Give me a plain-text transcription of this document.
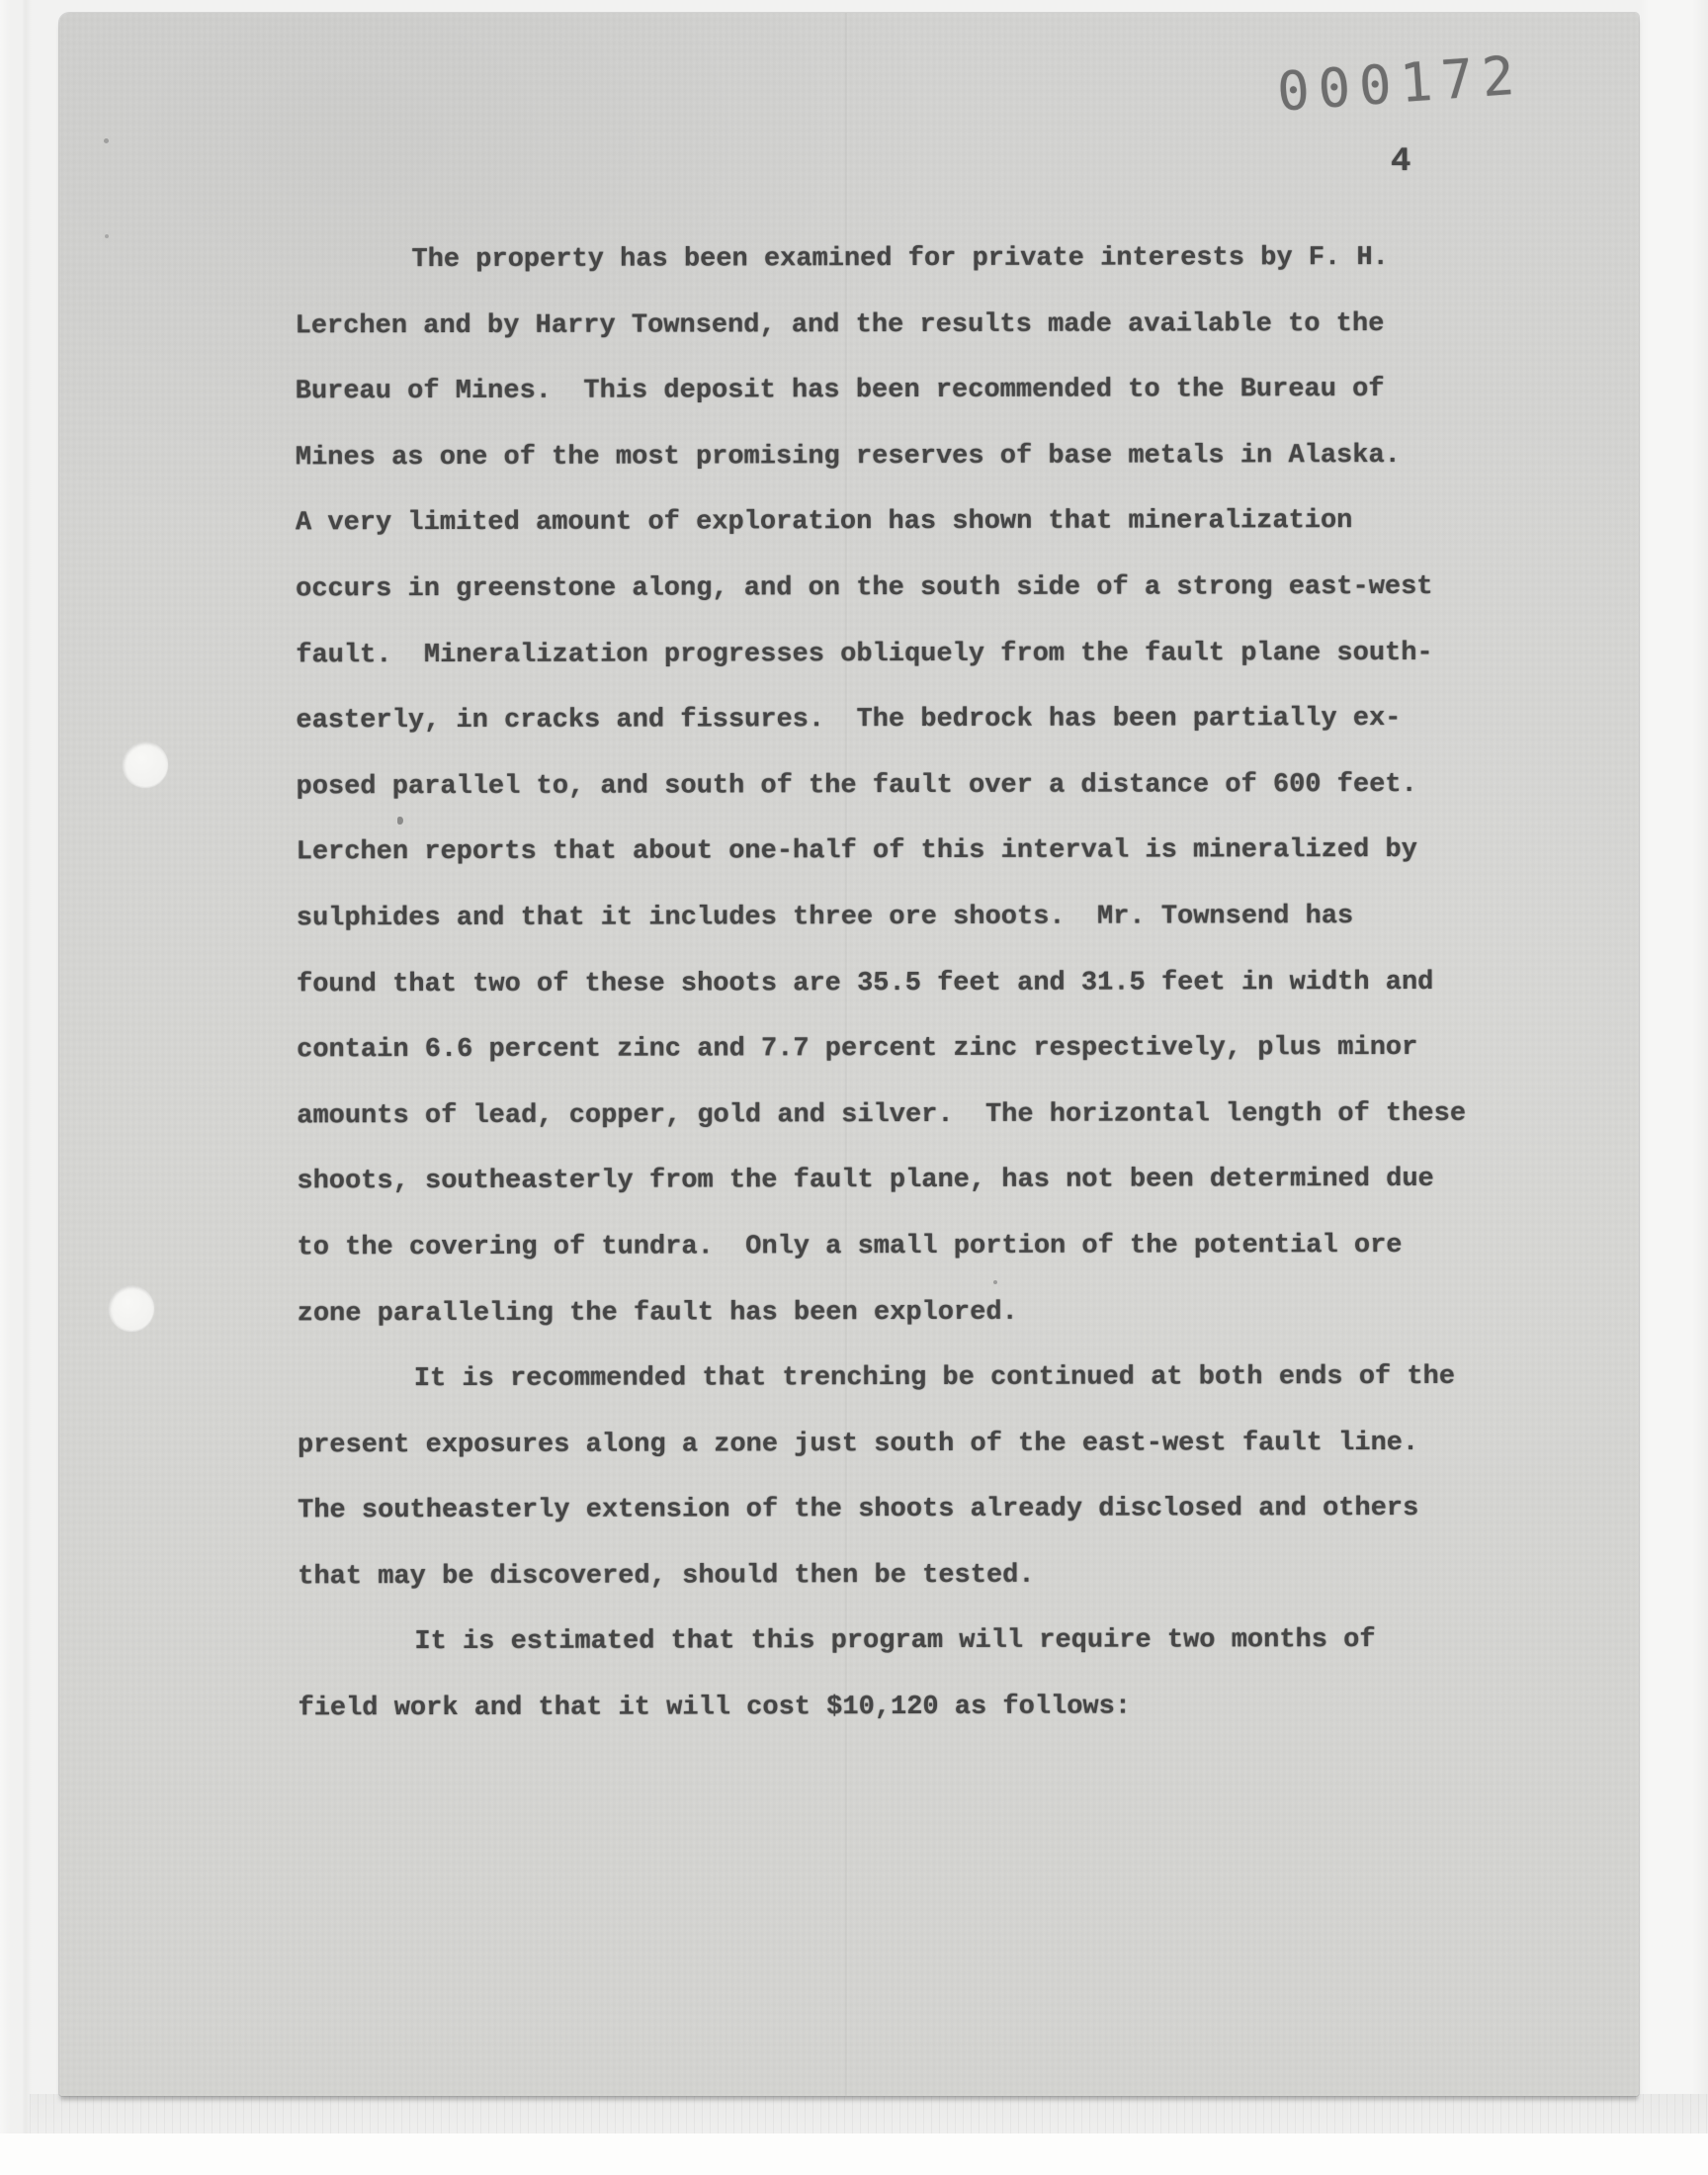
000172
4
The property has been examined for private interests by F. H.
Lerchen and by Harry Townsend, and the results made available to the
Bureau of Mines.  This deposit has been recommended to the Bureau of
Mines as one of the most promising reserves of base metals in Alaska.
A very limited amount of exploration has shown that mineralization
occurs in greenstone along, and on the south side of a strong east-west
fault.  Mineralization progresses obliquely from the fault plane south-
easterly, in cracks and fissures.  The bedrock has been partially ex-
posed parallel to, and south of the fault over a distance of 600 feet.
Lerchen reports that about one-half of this interval is mineralized by
sulphides and that it includes three ore shoots.  Mr. Townsend has
found that two of these shoots are 35.5 feet and 31.5 feet in width and
contain 6.6 percent zinc and 7.7 percent zinc respectively, plus minor
amounts of lead, copper, gold and silver.  The horizontal length of these
shoots, southeasterly from the fault plane, has not been determined due
to the covering of tundra.  Only a small portion of the potential ore
zone paralleling the fault has been explored.
It is recommended that trenching be continued at both ends of the
present exposures along a zone just south of the east-west fault line.
The southeasterly extension of the shoots already disclosed and others
that may be discovered, should then be tested.
It is estimated that this program will require two months of
field work and that it will cost $10,120 as follows:
